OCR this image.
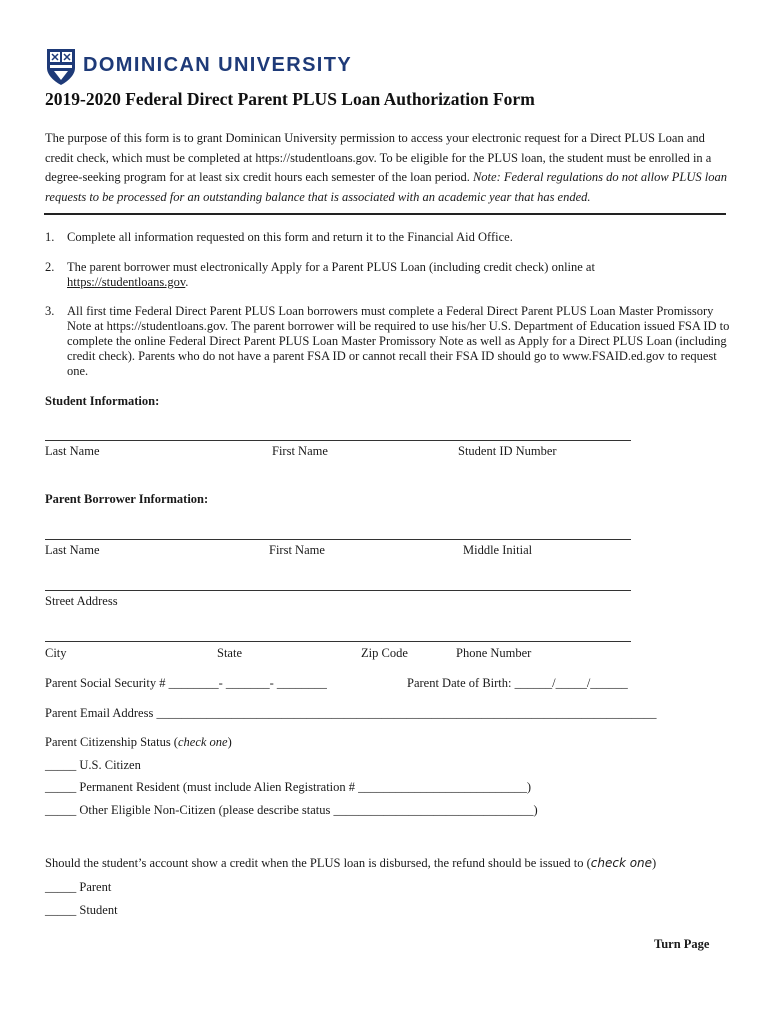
DOMINICAN UNIVERSITY
2019-2020 Federal Direct Parent PLUS Loan Authorization Form
The purpose of this form is to grant Dominican University permission to access your electronic request for a Direct PLUS Loan and credit check, which must be completed at https://studentloans.gov. To be eligible for the PLUS loan, the student must be enrolled in a degree-seeking program for at least six credit hours each semester of the loan period. Note: Federal regulations do not allow PLUS loan requests to be processed for an outstanding balance that is associated with an academic year that has ended.
1. Complete all information requested on this form and return it to the Financial Aid Office.
2. The parent borrower must electronically Apply for a Parent PLUS Loan (including credit check) online at
https://studentloans.gov.
3. All first time Federal Direct Parent PLUS Loan borrowers must complete a Federal Direct Parent PLUS Loan Master Promissory Note at https://studentloans.gov. The parent borrower will be required to use his/her U.S. Department of Education issued FSA ID to complete the online Federal Direct Parent PLUS Loan Master Promissory Note as well as Apply for a Direct PLUS Loan (including credit check). Parents who do not have a parent FSA ID or cannot recall their FSA ID should go to www.FSAID.ed.gov to request one.
Student Information:
Last Name	First Name	Student ID Number
Parent Borrower Information:
Last Name	First Name	Middle Initial
Street Address
City	State	Zip Code	Phone Number
Parent Social Security # ________- _______- ________	Parent Date of Birth: ______/_____/______
Parent Email Address ________________________________________________________________________________
Parent Citizenship Status (check one)
_____ U.S. Citizen
_____ Permanent Resident (must include Alien Registration # ___________________________)
_____ Other Eligible Non-Citizen (please describe status ________________________________)
Should the student’s account show a credit when the PLUS loan is disbursed, the refund should be issued to (check one)
_____ Parent
_____ Student
Turn Page
